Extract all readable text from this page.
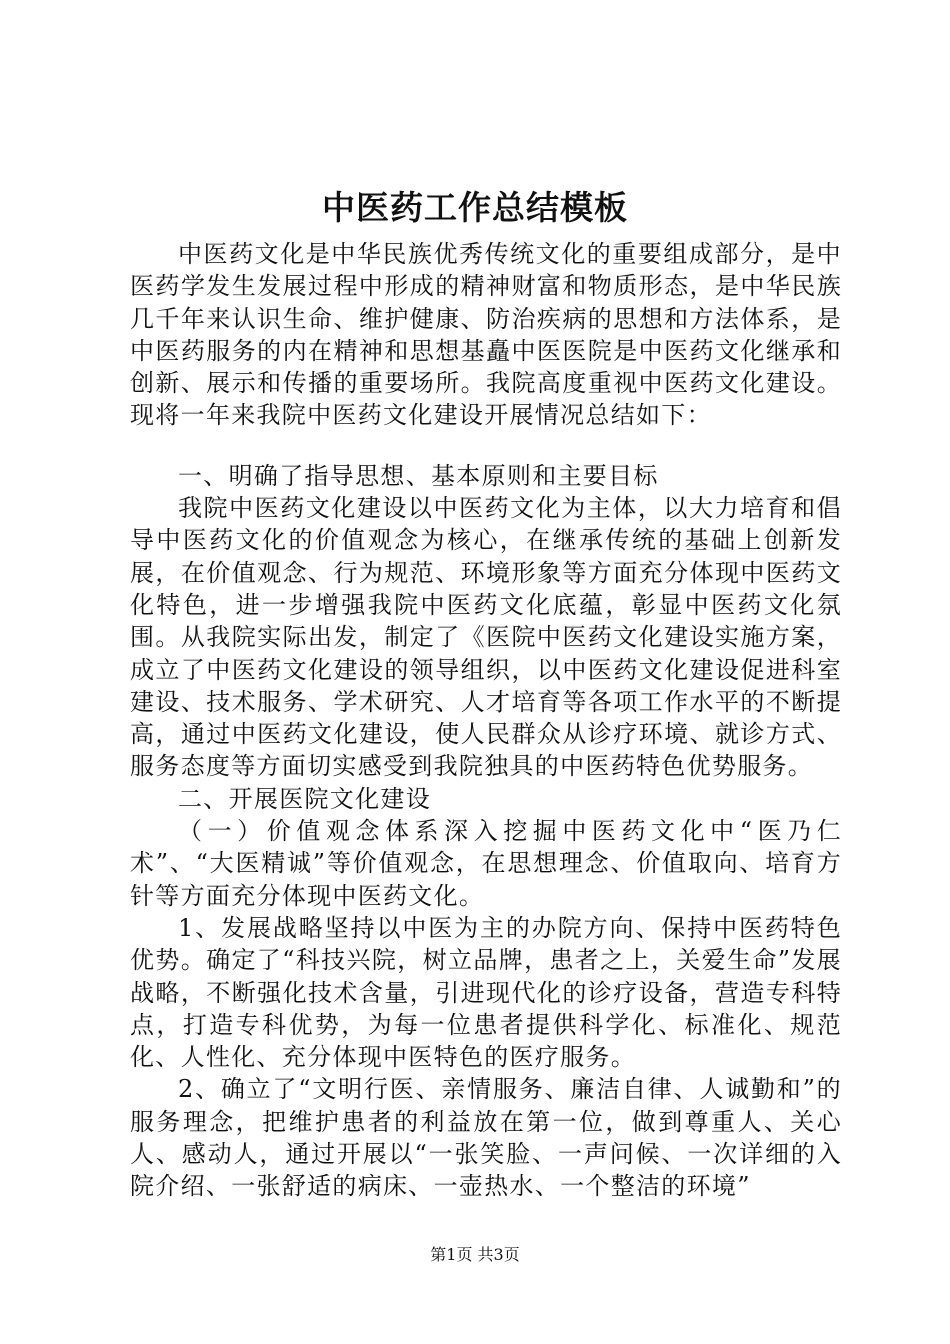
中医药工作总结模板

中医药文化是中华民族优秀传统文化的重要组成部分，是中医药学发生发展过程中形成的精神财富和物质形态，是中华民族几千年来认识生命、维护健康、防治疾病的思想和方法体系，是中医药服务的内在精神和思想基矗中医医院是中医药文化继承和创新、展示和传播的重要场所。我院高度重视中医药文化建设。现将一年来我院中医药文化建设开展情况总结如下：

一、明确了指导思想、基本原则和主要目标

我院中医药文化建设以中医药文化为主体，以大力培育和倡导中医药文化的价值观念为核心，在继承传统的基础上创新发展，在价值观念、行为规范、环境形象等方面充分体现中医药文化特色，进一步增强我院中医药文化底蕴，彰显中医药文化氛围。从我院实际出发，制定了《医院中医药文化建设实施方案，成立了中医药文化建设的领导组织，以中医药文化建设促进科室建设、技术服务、学术研究、人才培育等各项工作水平的不断提高，通过中医药文化建设，使人民群众从诊疗环境、就诊方式、服务态度等方面切实感受到我院独具的中医药特色优势服务。

二、开展医院文化建设

（一）价值观念体系深入挖掘中医药文化中“医乃仁术”、“大医精诚”等价值观念，在思想理念、价值取向、培育方针等方面充分体现中医药文化。

1、发展战略坚持以中医为主的办院方向、保持中医药特色优势。确定了“科技兴院，树立品牌，患者之上，关爱生命”发展战略，不断强化技术含量，引进现代化的诊疗设备，营造专科特点，打造专科优势，为每一位患者提供科学化、标准化、规范化、人性化、充分体现中医特色的医疗服务。

2、确立了“文明行医、亲情服务、廉洁自律、人诚勤和”的服务理念，把维护患者的利益放在第一位，做到尊重人、关心人、感动人，通过开展以“一张笑脸、一声问候、一次详细的入院介绍、一张舒适的病床、一壶热水、一个整洁的环境”

第1页 共3页
